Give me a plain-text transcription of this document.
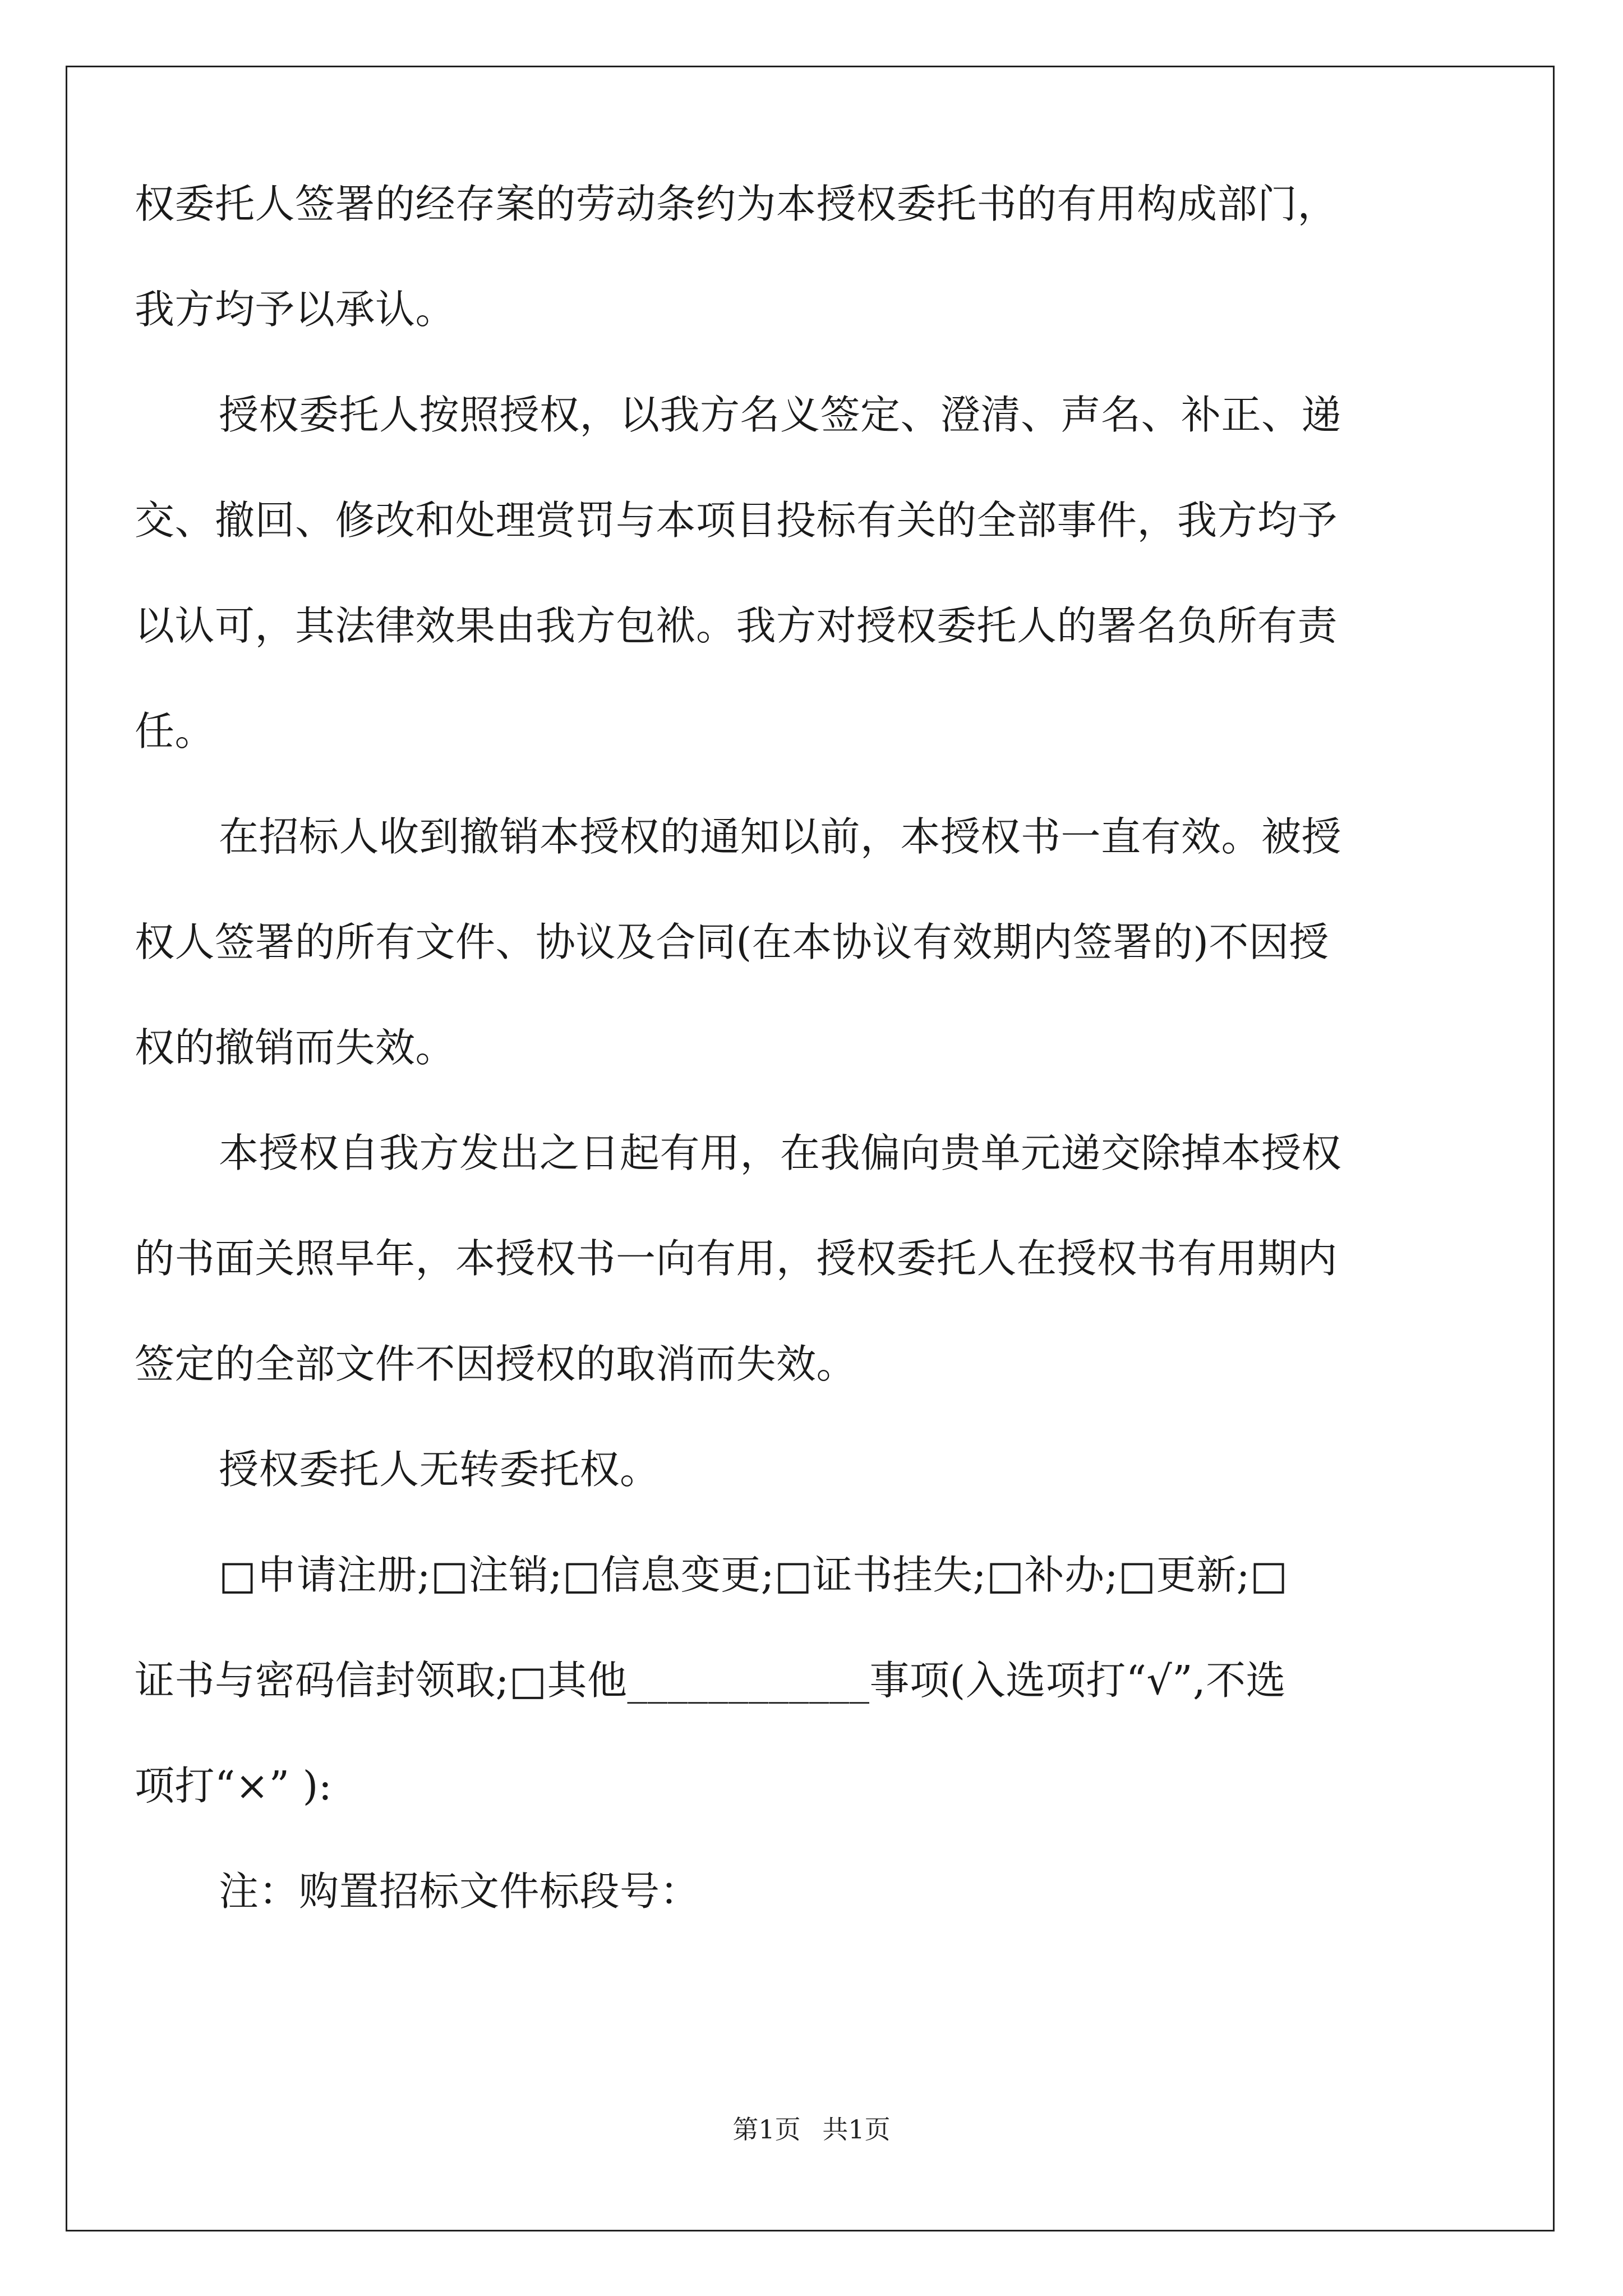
权委托人签署的经存案的劳动条约为本授权委托书的有用构成部门，
我方均予以承认。

授权委托人按照授权，以我方名义签定、澄清、声名、补正、递
交、撤回、修改和处理赏罚与本项目投标有关的全部事件，我方均予
以认可，其法律效果由我方包袱。我方对授权委托人的署名负所有责
任。

在招标人收到撤销本授权的通知以前，本授权书一直有效。被授
权人签署的所有文件、协议及合同(在本协议有效期内签署的)不因授
权的撤销而失效。

本授权自我方发出之日起有用，在我偏向贵单元递交除掉本授权
的书面关照早年，本授权书一向有用，授权委托人在授权书有用期内
签定的全部文件不因授权的取消而失效。

授权委托人无转委托权。

□申请注册;□注销;□信息变更;□证书挂失;□补办;□更新;□
证书与密码信封领取;□其他____________事项(入选项打“√”,不选
项打“×” ):

注：购置招标文件标段号：

第1页 共1页
